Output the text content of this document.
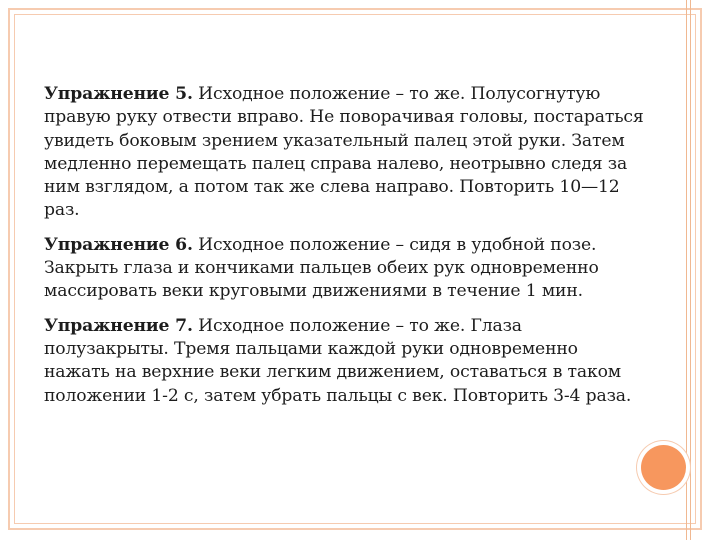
Упражнение 5. Исходное положение – то же. Полусогнутую правую руку отвести вправо. Не поворачивая головы, постараться увидеть боковым зрением указательный палец этой руки. Затем медленно перемещать палец справа налево, неотрывно следя за ним взглядом, а потом так же слева направо. Повторить 10—12 раз.

Упражнение 6. Исходное положение – сидя в удобной позе. Закрыть глаза и кончиками пальцев обеих рук одновременно массировать веки круговыми движениями в течение 1 мин.

Упражнение 7. Исходное положение – то же. Глаза полузакрыты. Тремя пальцами каждой руки одновременно нажать на верхние веки легким движением, оставаться в таком положении 1-2 с, затем убрать пальцы с век. Повторить 3-4 раза.
